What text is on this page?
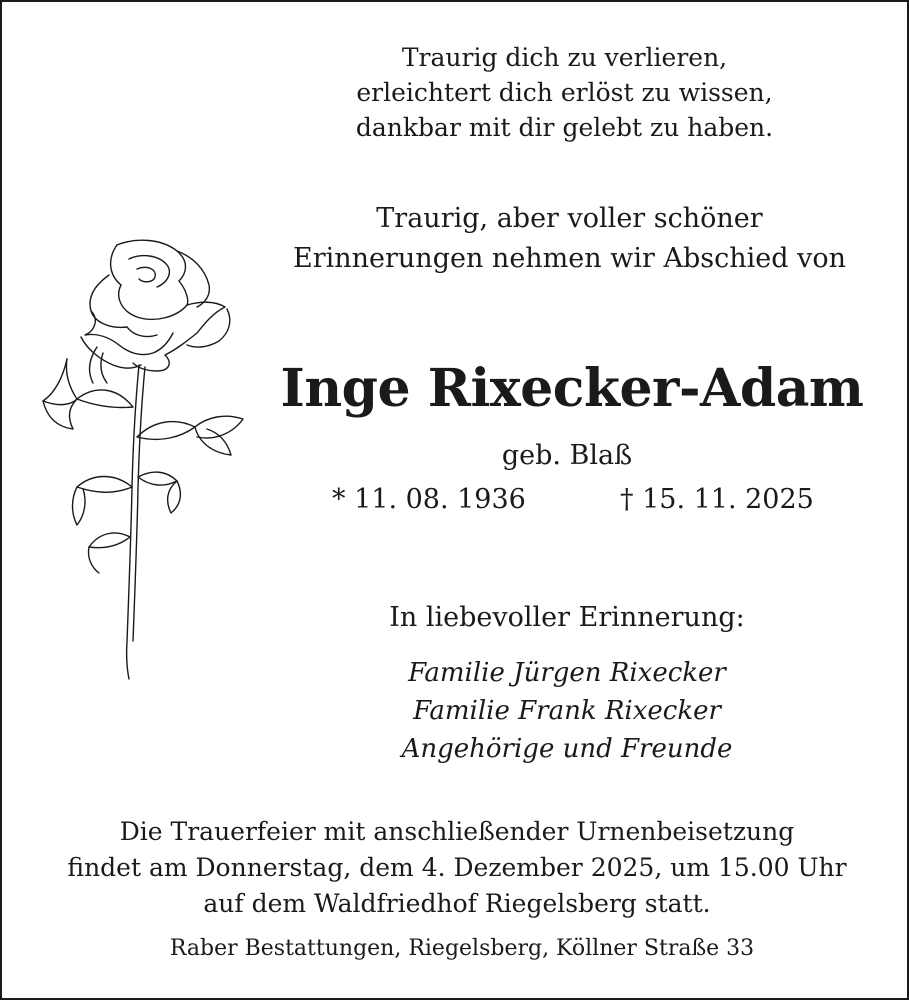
Traurig dich zu verlieren,
erleichtert dich erlöst zu wissen,
dankbar mit dir gelebt zu haben.
Traurig, aber voller schöner
Erinnerungen nehmen wir Abschied von
Inge Rixecker-Adam
geb. Blaß
* 11. 08. 1936	† 15. 11. 2025
In liebevoller Erinnerung:
Familie Jürgen Rixecker
Familie Frank Rixecker
Angehörige und Freunde
Die Trauerfeier mit anschließender Urnenbeisetzung
findet am Donnerstag, dem 4. Dezember 2025, um 15.00 Uhr
auf dem Waldfriedhof Riegelsberg statt.
Raber Bestattungen, Riegelsberg, Köllner Straße 33
